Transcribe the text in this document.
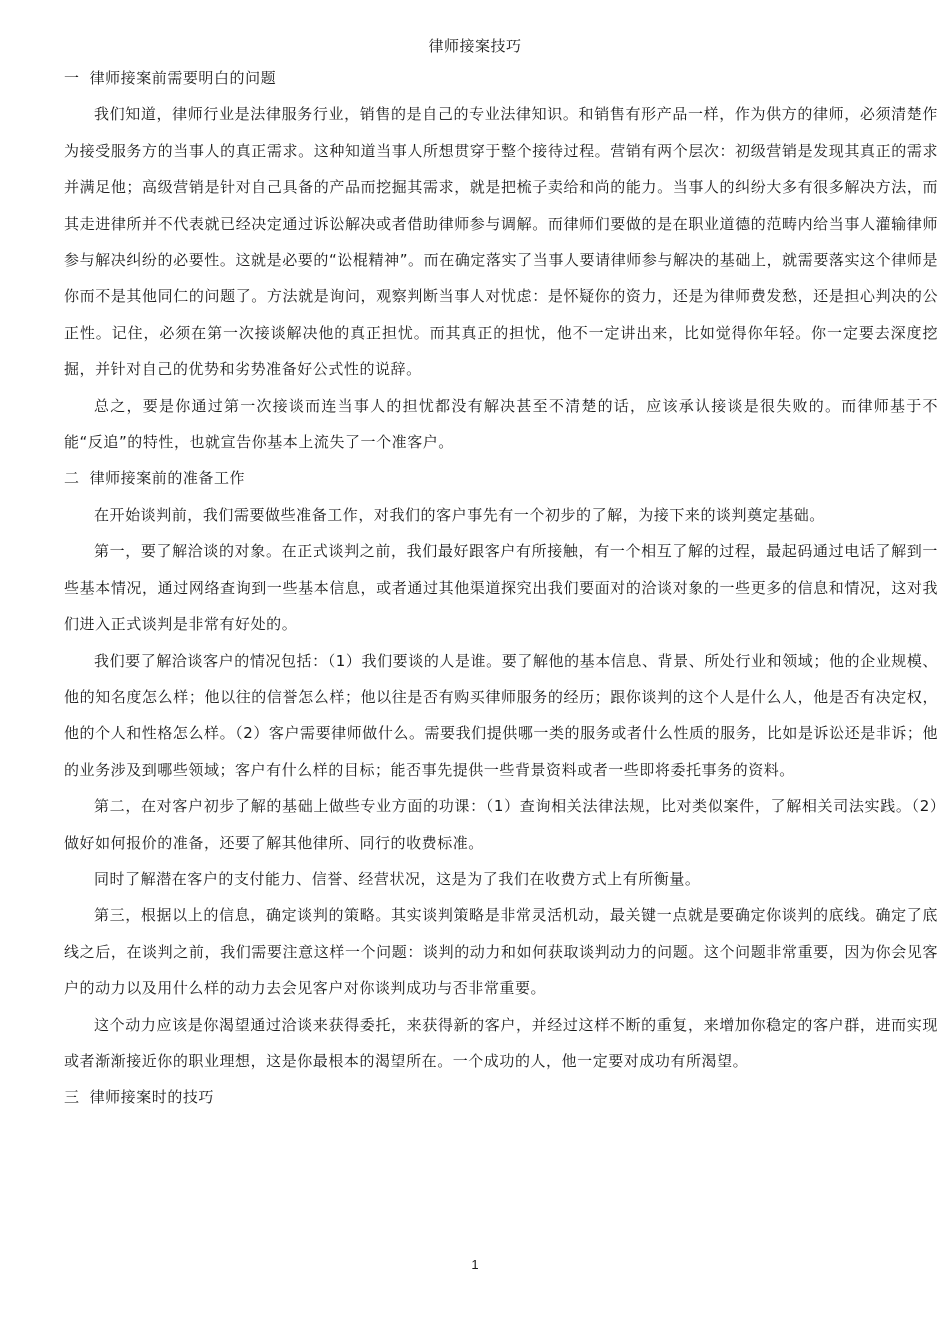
律师接案技巧

一 律师接案前需要明白的问题

我们知道，律师行业是法律服务行业，销售的是自己的专业法律知识。和销售有形产品一样，作为供方的律师，必须清楚作为接受服务方的当事人的真正需求。这种知道当事人所想贯穿于整个接待过程。营销有两个层次：初级营销是发现其真正的需求并满足他；高级营销是针对自己具备的产品而挖掘其需求，就是把梳子卖给和尚的能力。当事人的纠纷大多有很多解决方法，而其走进律所并不代表就已经决定通过诉讼解决或者借助律师参与调解。而律师们要做的是在职业道德的范畴内给当事人灌输律师参与解决纠纷的必要性。这就是必要的“讼棍精神”。而在确定落实了当事人要请律师参与解决的基础上，就需要落实这个律师是你而不是其他同仁的问题了。方法就是询问，观察判断当事人对忧虑：是怀疑你的资力，还是为律师费发愁，还是担心判决的公正性。记住，必须在第一次接谈解决他的真正担忧。而其真正的担忧，他不一定讲出来，比如觉得你年轻。你一定要去深度挖掘，并针对自己的优势和劣势准备好公式性的说辞。

总之，要是你通过第一次接谈而连当事人的担忧都没有解决甚至不清楚的话，应该承认接谈是很失败的。而律师基于不能“反追”的特性，也就宣告你基本上流失了一个准客户。

二 律师接案前的准备工作

在开始谈判前，我们需要做些准备工作，对我们的客户事先有一个初步的了解，为接下来的谈判奠定基础。

第一，要了解洽谈的对象。在正式谈判之前，我们最好跟客户有所接触，有一个相互了解的过程，最起码通过电话了解到一些基本情况，通过网络查询到一些基本信息，或者通过其他渠道探究出我们要面对的洽谈对象的一些更多的信息和情况，这对我们进入正式谈判是非常有好处的。

我们要了解洽谈客户的情况包括：（1）我们要谈的人是谁。要了解他的基本信息、背景、所处行业和领域；他的企业规模、他的知名度怎么样；他以往的信誉怎么样；他以往是否有购买律师服务的经历；跟你谈判的这个人是什么人，他是否有决定权，他的个人和性格怎么样。（2）客户需要律师做什么。需要我们提供哪一类的服务或者什么性质的服务，比如是诉讼还是非诉；他的业务涉及到哪些领域；客户有什么样的目标；能否事先提供一些背景资料或者一些即将委托事务的资料。

第二，在对客户初步了解的基础上做些专业方面的功课：（1）查询相关法律法规，比对类似案件，了解相关司法实践。（2）做好如何报价的准备，还要了解其他律所、同行的收费标准。

同时了解潜在客户的支付能力、信誉、经营状况，这是为了我们在收费方式上有所衡量。

第三，根据以上的信息，确定谈判的策略。其实谈判策略是非常灵活机动，最关键一点就是要确定你谈判的底线。确定了底线之后，在谈判之前，我们需要注意这样一个问题：谈判的动力和如何获取谈判动力的问题。这个问题非常重要，因为你会见客户的动力以及用什么样的动力去会见客户对你谈判成功与否非常重要。

这个动力应该是你渴望通过洽谈来获得委托，来获得新的客户，并经过这样不断的重复，来增加你稳定的客户群，进而实现或者渐渐接近你的职业理想，这是你最根本的渴望所在。一个成功的人，他一定要对成功有所渴望。

三 律师接案时的技巧

1
